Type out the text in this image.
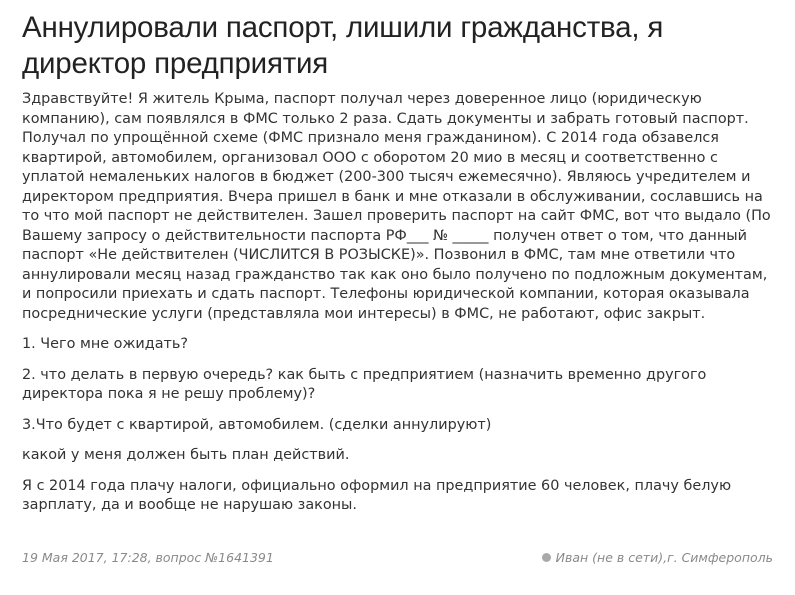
Аннулировали паспорт, лишили гражданства, я директор предприятия

Здравствуйте! Я житель Крыма, паспорт получал через доверенное лицо (юридическую компанию), сам появлялся в ФМС только 2 раза. Сдать документы и забрать готовый паспорт. Получал по упрощённой схеме (ФМС признало меня гражданином). С 2014 года обзавелся квартирой, автомобилем, организовал ООО с оборотом 20 мио в месяц и соответственно с уплатой немаленьких налогов в бюджет (200-300 тысяч ежемесячно). Являюсь учредителем и директором предприятия. Вчера пришел в банк и мне отказали в обслуживании, сославшись на то что мой паспорт не действителен. Зашел проверить паспорт на сайт ФМС, вот что выдало (По Вашему запросу о действительности паспорта РФ___ № _____ получен ответ о том, что данный паспорт «Не действителен (ЧИСЛИТСЯ В РОЗЫСКЕ)». Позвонил в ФМС, там мне ответили что аннулировали месяц назад гражданство так как оно было получено по подложным документам, и попросили приехать и сдать паспорт. Телефоны юридической компании, которая оказывала посреднические услуги (представляла мои интересы) в ФМС, не работают, офис закрыт.

1. Чего мне ожидать?

2. что делать в первую очередь? как быть с предприятием (назначить временно другого директора пока я не решу проблему)?

3.Что будет с квартирой, автомобилем. (сделки аннулируют)

какой у меня должен быть план действий.

Я с 2014 года плачу налоги, официально оформил на предприятие 60 человек, плачу белую зарплату, да и вообще не нарушаю законы.

19 Мая 2017, 17:28, вопрос №1641391	Иван (не в сети) , г. Симферополь
